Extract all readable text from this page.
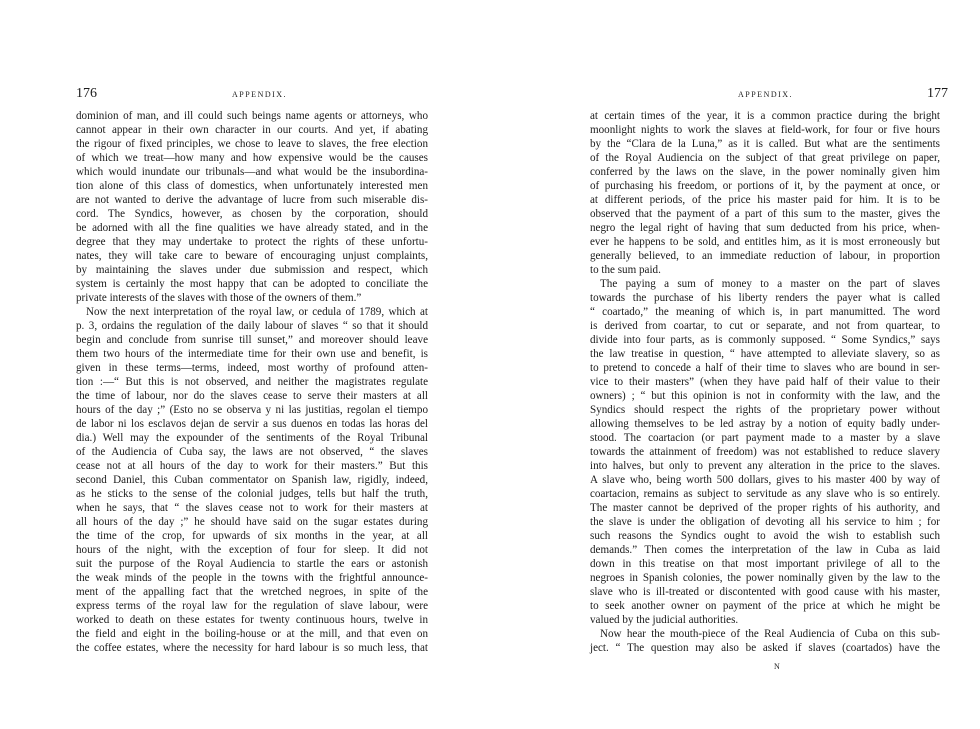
176	APPENDIX.
dominion of man, and ill could such beings name agents or attorneys, who
cannot appear in their own character in our courts. And yet, if abating
the rigour of fixed principles, we chose to leave to slaves, the free election
of which we treat—how many and how expensive would be the causes
which would inundate our tribunals—and what would be the insubordina-
tion alone of this class of domestics, when unfortunately interested men
are not wanted to derive the advantage of lucre from such miserable dis-
cord. The Syndics, however, as chosen by the corporation, should
be adorned with all the fine qualities we have already stated, and in the
degree that they may undertake to protect the rights of these unfortu-
nates, they will take care to beware of encouraging unjust complaints,
by maintaining the slaves under due submission and respect, which
system is certainly the most happy that can be adopted to conciliate the
private interests of the slaves with those of the owners of them.”
Now the next interpretation of the royal law, or cedula of 1789, which at
p. 3, ordains the regulation of the daily labour of slaves “ so that it should
begin and conclude from sunrise till sunset,” and moreover should leave
them two hours of the intermediate time for their own use and benefit, is
given in these terms—terms, indeed, most worthy of profound atten-
tion :—“ But this is not observed, and neither the magistrates regulate
the time of labour, nor do the slaves cease to serve their masters at all
hours of the day ;” (Esto no se observa y ni las justitias, regolan el tiempo
de labor ni los esclavos dejan de servir a sus duenos en todas las horas del
dia.) Well may the expounder of the sentiments of the Royal Tribunal
of the Audiencia of Cuba say, the laws are not observed, “ the slaves
cease not at all hours of the day to work for their masters.” But this
second Daniel, this Cuban commentator on Spanish law, rigidly, indeed,
as he sticks to the sense of the colonial judges, tells but half the truth,
when he says, that “ the slaves cease not to work for their masters at
all hours of the day ;” he should have said on the sugar estates during
the time of the crop, for upwards of six months in the year, at all
hours of the night, with the exception of four for sleep. It did not
suit the purpose of the Royal Audiencia to startle the ears or astonish
the weak minds of the people in the towns with the frightful announce-
ment of the appalling fact that the wretched negroes, in spite of the
express terms of the royal law for the regulation of slave labour, were
worked to death on these estates for twenty continuous hours, twelve in
the field and eight in the boiling-house or at the mill, and that even on
the coffee estates, where the necessity for hard labour is so much less, that
APPENDIX.	177
at certain times of the year, it is a common practice during the bright
moonlight nights to work the slaves at field-work, for four or five hours
by the “Clara de la Luna,” as it is called. But what are the sentiments
of the Royal Audiencia on the subject of that great privilege on paper,
conferred by the laws on the slave, in the power nominally given him
of purchasing his freedom, or portions of it, by the payment at once, or
at different periods, of the price his master paid for him. It is to be
observed that the payment of a part of this sum to the master, gives the
negro the legal right of having that sum deducted from his price, when-
ever he happens to be sold, and entitles him, as it is most erroneously but
generally believed, to an immediate reduction of labour, in proportion
to the sum paid.
The paying a sum of money to a master on the part of slaves
towards the purchase of his liberty renders the payer what is called
“ coartado,” the meaning of which is, in part manumitted. The word
is derived from coartar, to cut or separate, and not from quartear, to
divide into four parts, as is commonly supposed. “ Some Syndics,” says
the law treatise in question, “ have attempted to alleviate slavery, so as
to pretend to concede a half of their time to slaves who are bound in ser-
vice to their masters” (when they have paid half of their value to their
owners) ; “ but this opinion is not in conformity with the law, and the
Syndics should respect the rights of the proprietary power without
allowing themselves to be led astray by a notion of equity badly under-
stood. The coartacion (or part payment made to a master by a slave
towards the attainment of freedom) was not established to reduce slavery
into halves, but only to prevent any alteration in the price to the slaves.
A slave who, being worth 500 dollars, gives to his master 400 by way of
coartacion, remains as subject to servitude as any slave who is so entirely.
The master cannot be deprived of the proper rights of his authority, and
the slave is under the obligation of devoting all his service to him ; for
such reasons the Syndics ought to avoid the wish to establish such
demands.” Then comes the interpretation of the law in Cuba as laid
down in this treatise on that most important privilege of all to the
negroes in Spanish colonies, the power nominally given by the law to the
slave who is ill-treated or discontented with good cause with his master,
to seek another owner on payment of the price at which he might be
valued by the judicial authorities.
Now hear the mouth-piece of the Real Audiencia of Cuba on this sub-
ject. “ The question may also be asked if slaves (coartados) have the
N
